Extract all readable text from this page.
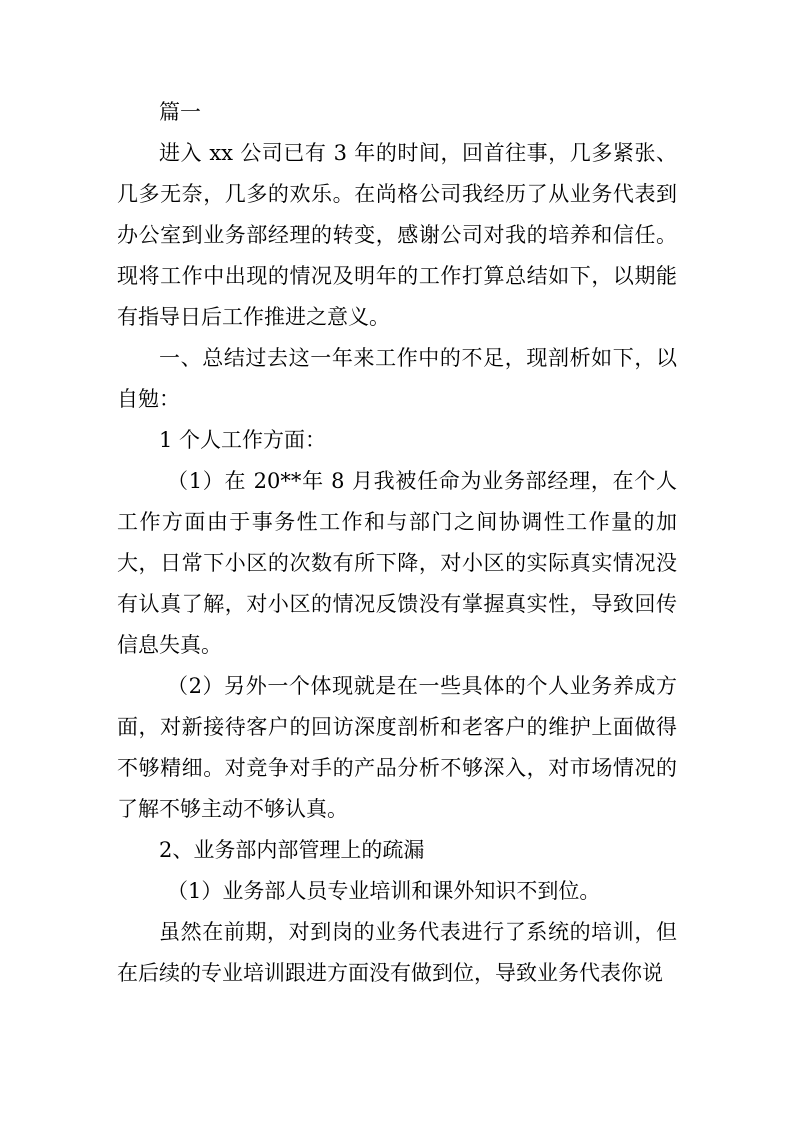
篇一

进入 xx 公司已有 3 年的时间，回首往事，几多紧张、几多无奈，几多的欢乐。在尚格公司我经历了从业务代表到办公室到业务部经理的转变，感谢公司对我的培养和信任。现将工作中出现的情况及明年的工作打算总结如下，以期能有指导日后工作推进之意义。

一、总结过去这一年来工作中的不足，现剖析如下，以自勉：

1 个人工作方面：

（1）在 20**年 8 月我被任命为业务部经理，在个人工作方面由于事务性工作和与部门之间协调性工作量的加大，日常下小区的次数有所下降，对小区的实际真实情况没有认真了解，对小区的情况反馈没有掌握真实性，导致回传信息失真。

（2）另外一个体现就是在一些具体的个人业务养成方面，对新接待客户的回访深度剖析和老客户的维护上面做得不够精细。对竞争对手的产品分析不够深入，对市场情况的了解不够主动不够认真。

2、业务部内部管理上的疏漏

（1）业务部人员专业培训和课外知识不到位。

虽然在前期，对到岗的业务代表进行了系统的培训，但在后续的专业培训跟进方面没有做到位，导致业务代表你说
